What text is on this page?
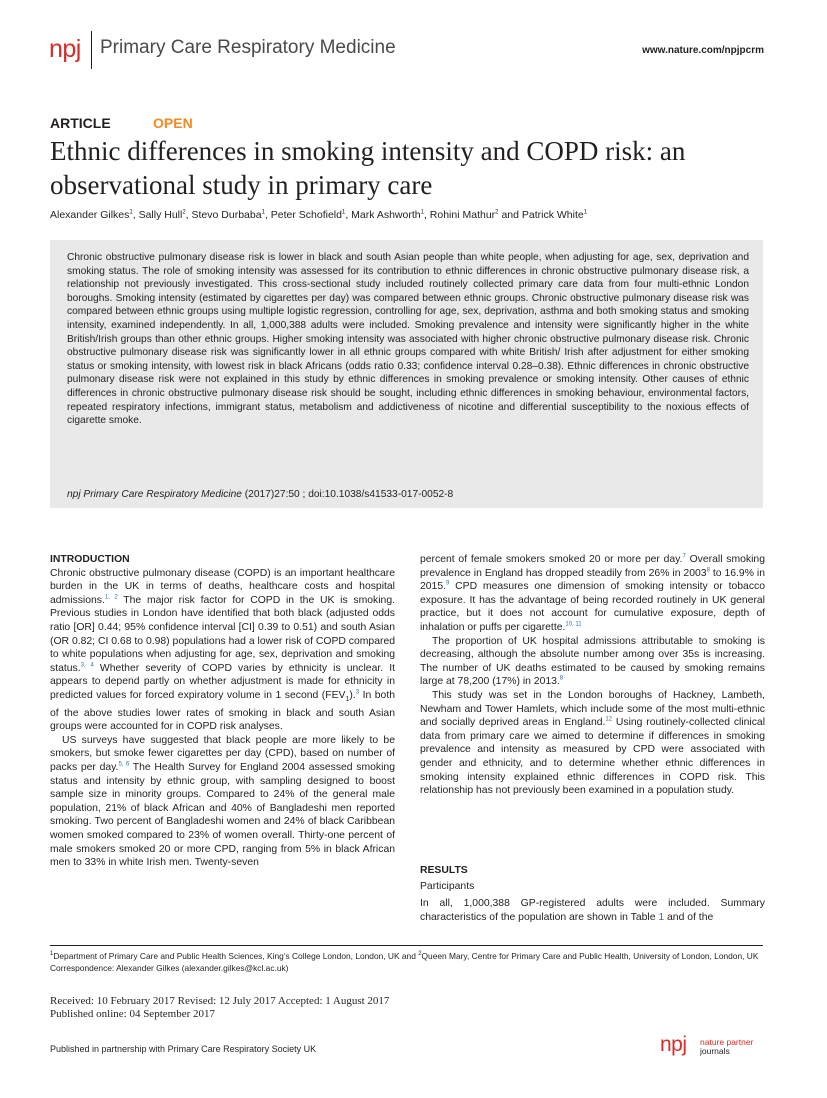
npj Primary Care Respiratory Medicine	www.nature.com/npjpcrm
ARTICLE	OPEN
Ethnic differences in smoking intensity and COPD risk: an observational study in primary care
Alexander Gilkes$^1$, Sally Hull$^2$, Stevo Durbaba$^1$, Peter Schofield$^1$, Mark Ashworth$^1$, Rohini Mathur$^2$ and Patrick White$^1$
Chronic obstructive pulmonary disease risk is lower in black and south Asian people than white people, when adjusting for age, sex, deprivation and smoking status. The role of smoking intensity was assessed for its contribution to ethnic differences in chronic obstructive pulmonary disease risk, a relationship not previously investigated. This cross-sectional study included routinely collected primary care data from four multi-ethnic London boroughs. Smoking intensity (estimated by cigarettes per day) was compared between ethnic groups. Chronic obstructive pulmonary disease risk was compared between ethnic groups using multiple logistic regression, controlling for age, sex, deprivation, asthma and both smoking status and smoking intensity, examined independently. In all, 1,000,388 adults were included. Smoking prevalence and intensity were significantly higher in the white British/Irish groups than other ethnic groups. Higher smoking intensity was associated with higher chronic obstructive pulmonary disease risk. Chronic obstructive pulmonary disease risk was significantly lower in all ethnic groups compared with white British/ Irish after adjustment for either smoking status or smoking intensity, with lowest risk in black Africans (odds ratio 0.33; confidence interval 0.28–0.38). Ethnic differences in chronic obstructive pulmonary disease risk were not explained in this study by ethnic differences in smoking prevalence or smoking intensity. Other causes of ethnic differences in chronic obstructive pulmonary disease risk should be sought, including ethnic differences in smoking behaviour, environmental factors, repeated respiratory infections, immigrant status, metabolism and addictiveness of nicotine and differential susceptibility to the noxious effects of cigarette smoke.
npj Primary Care Respiratory Medicine (2017)27:50 ; doi:10.1038/s41533-017-0052-8

INTRODUCTION

Chronic obstructive pulmonary disease (COPD) is an important healthcare burden in the UK in terms of deaths, healthcare costs and hospital admissions.$^{1, 2}$ The major risk factor for COPD in the UK is smoking. Previous studies in London have identified that both black (adjusted odds ratio [OR] 0.44; 95% confidence interval [CI] 0.39 to 0.51) and south Asian (OR 0.82; CI 0.68 to 0.98) populations had a lower risk of COPD compared to white populations when adjusting for age, sex, deprivation and smoking status.$^{3, 4}$ Whether severity of COPD varies by ethnicity is unclear. It appears to depend partly on whether adjustment is made for ethnicity in predicted values for forced expiratory volume in 1 second $(FEV_1).^3$ In both of the above studies lower rates of smoking in black and south Asian groups were accounted for in COPD risk analyses.

US surveys have suggested that black people are more likely to be smokers, but smoke fewer cigarettes per day (CPD), based on number of packs per day.$^{5, 6}$ The Health Survey for England 2004 assessed smoking status and intensity by ethnic group, with sampling designed to boost sample size in minority groups. Compared to 24% of the general male population, 21% of black African and 40% of Bangladeshi men reported smoking. Two percent of Bangladeshi women and 24% of black Caribbean women smoked compared to 23% of women overall. Thirty-one percent of male smokers smoked 20 or more CPD, ranging from 5% in black African men to 33% in white Irish men. Twenty-seven

percent of female smokers smoked 20 or more per day.$^7$ Overall smoking prevalence in England has dropped steadily from 26% in 2003$^8$ to 16.9% in 2015.$^9$ CPD measures one dimension of smoking intensity or tobacco exposure. It has the advantage of being recorded routinely in UK general practice, but it does not account for cumulative exposure, depth of inhalation or puffs per cigarette.$^{10, 11}$

The proportion of UK hospital admissions attributable to smoking is decreasing, although the absolute number among over 35s is increasing. The number of UK deaths estimated to be caused by smoking remains large at 78,200 (17%) in 2013.$^8$

This study was set in the London boroughs of Hackney, Lambeth, Newham and Tower Hamlets, which include some of the most multi-ethnic and socially deprived areas in England.$^{12}$ Using routinely-collected clinical data from primary care we aimed to determine if differences in smoking prevalence and intensity as measured by CPD were associated with gender and ethnicity, and to determine whether ethnic differences in smoking intensity explained ethnic differences in COPD risk. This relationship has not previously been examined in a population study.

RESULTS
Participants

In all, 1,000,388 GP-registered adults were included. Summary characteristics of the population are shown in Table 1 and of the

$^1$Department of Primary Care and Public Health Sciences, King’s College London, London, UK and $^2$Queen Mary, Centre for Primary Care and Public Health, University of London, London, UK
Correspondence: Alexander Gilkes (alexander.gilkes@kcl.ac.uk)
Received: 10 February 2017 Revised: 12 July 2017 Accepted: 1 August 2017
Published online: 04 September 2017
Published in partnership with Primary Care Respiratory Society UK	npj nature partner
journals
